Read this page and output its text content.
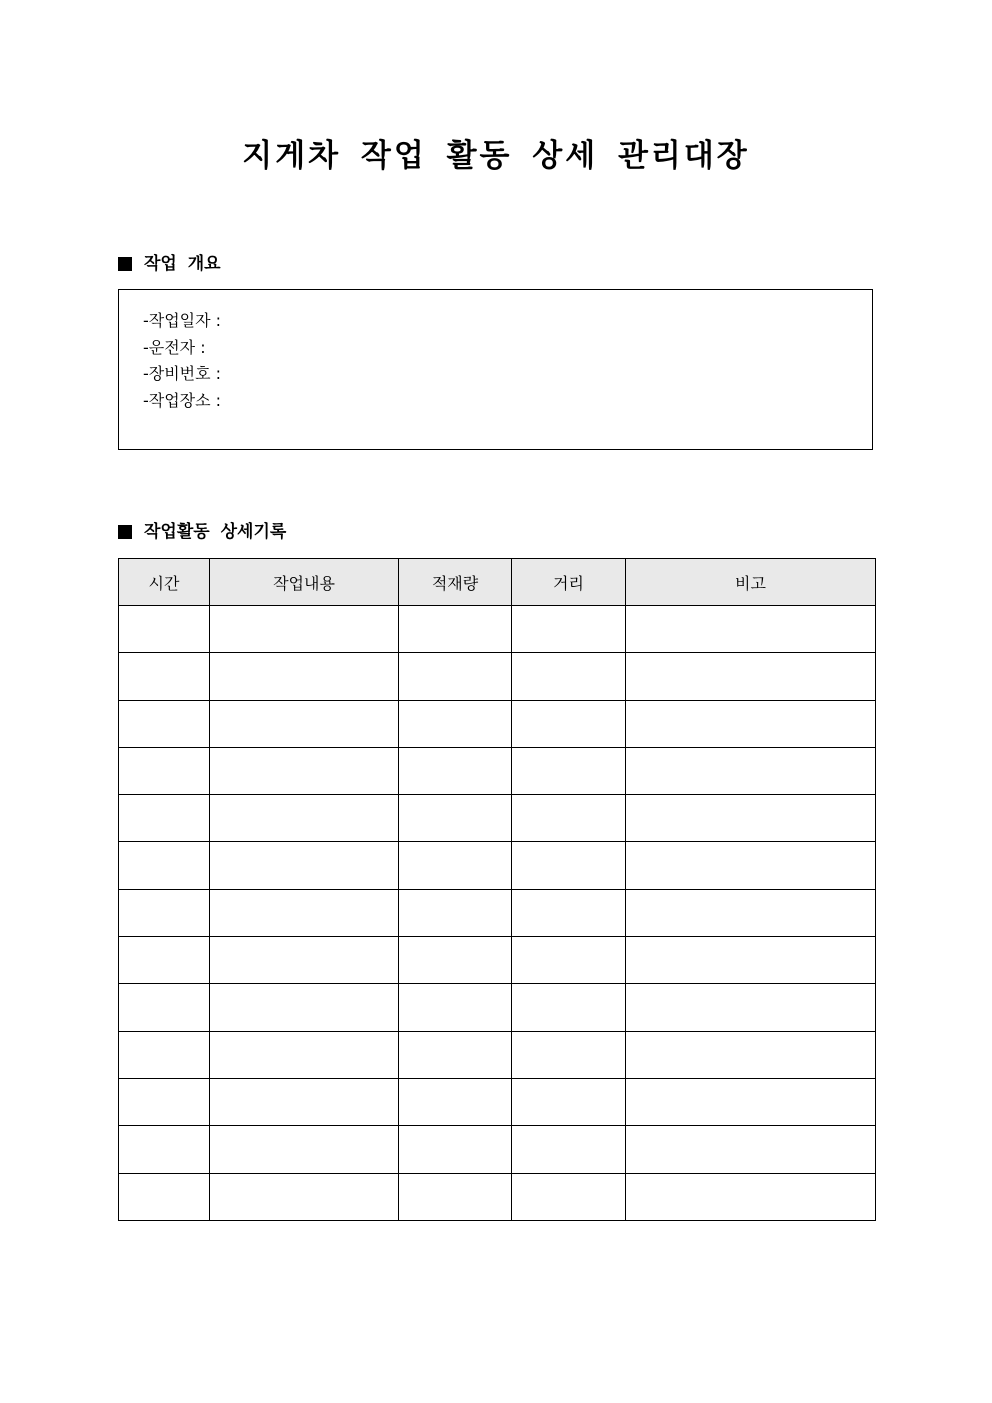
지게차 작업 활동 상세 관리대장
작업 개요
-작업일자 :
-운전자 :
-장비번호 :
-작업장소 :
작업활동 상세기록
시간	작업내용	적재량	거리	비고
